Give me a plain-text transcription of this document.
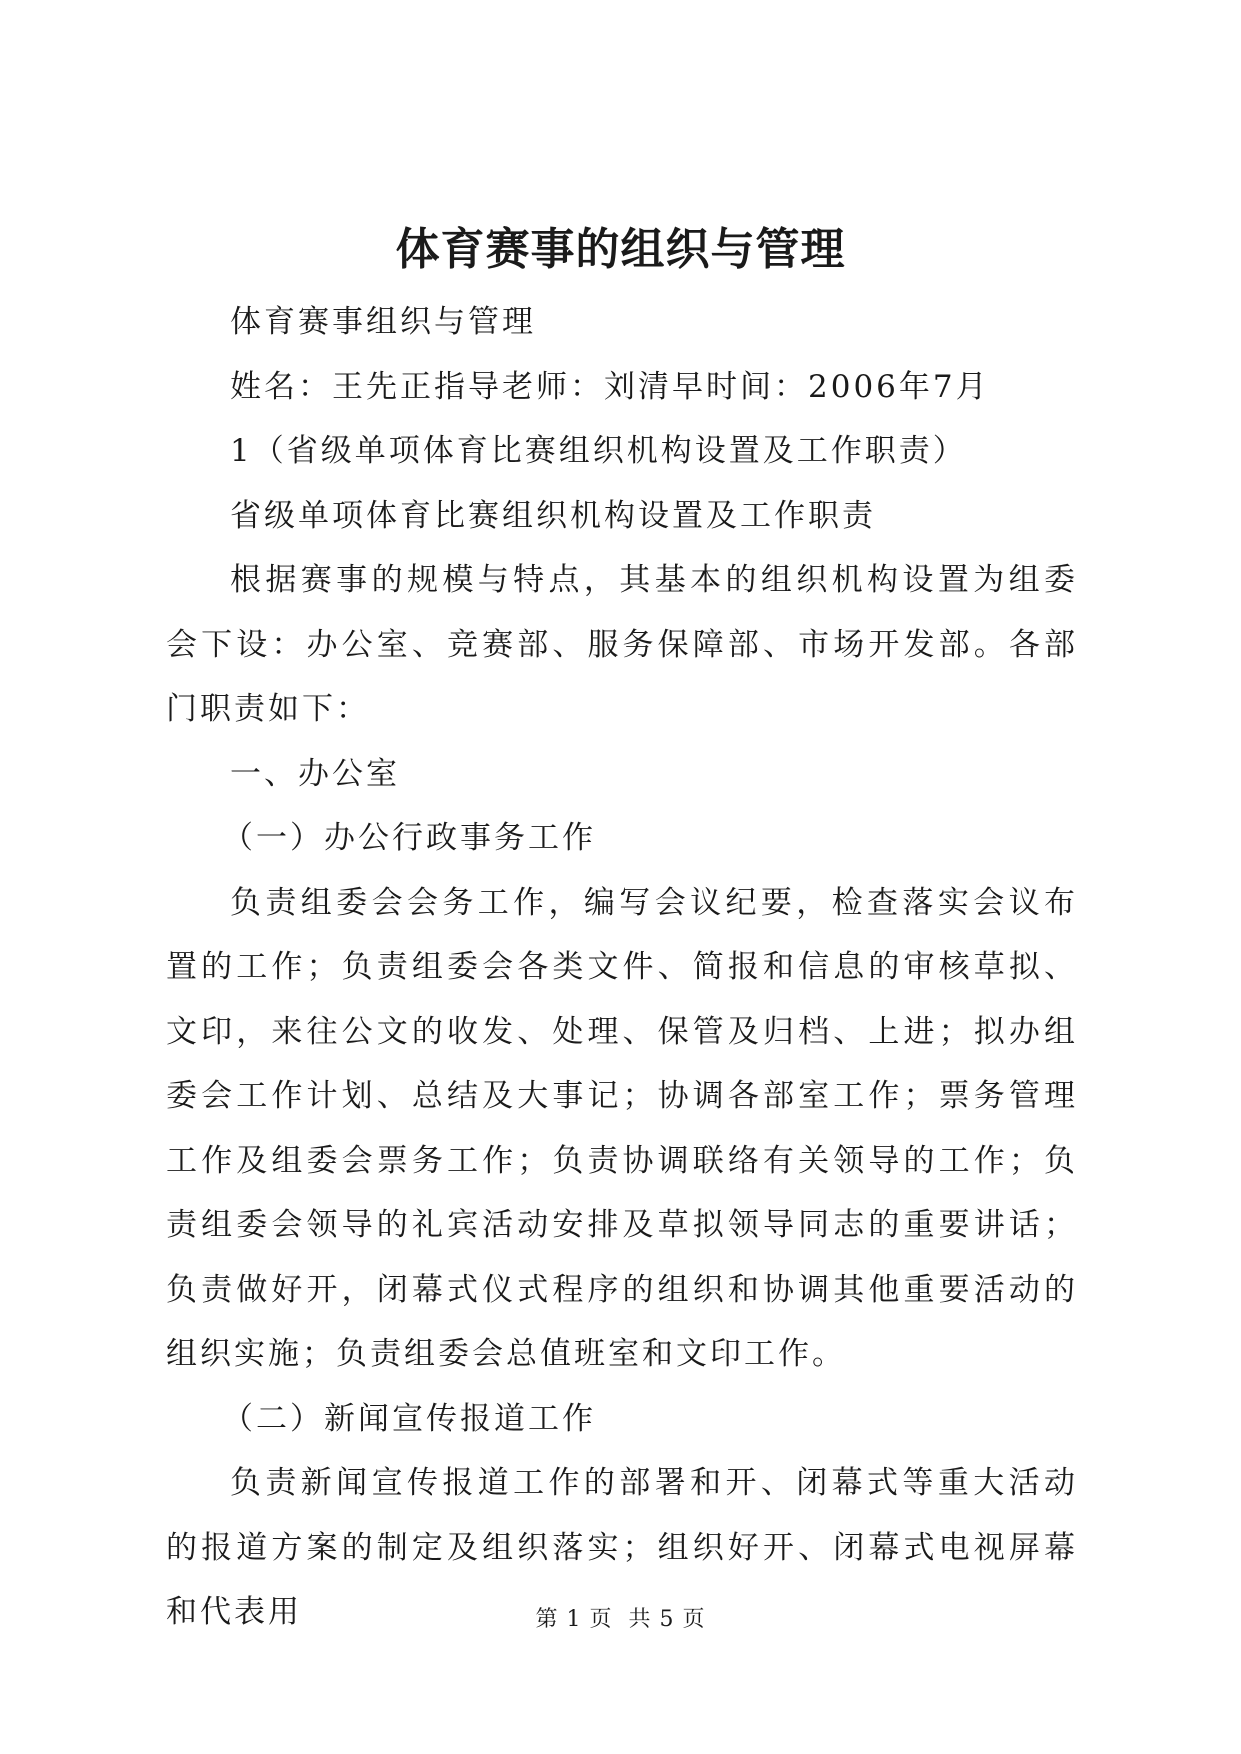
体育赛事的组织与管理

体育赛事组织与管理

姓名：王先正指导老师：刘清早时间：2006年7月

1（省级单项体育比赛组织机构设置及工作职责）

省级单项体育比赛组织机构设置及工作职责

根据赛事的规模与特点，其基本的组织机构设置为组委会下设：办公室、竞赛部、服务保障部、市场开发部。各部门职责如下：

一、办公室

（一）办公行政事务工作

负责组委会会务工作，编写会议纪要，检查落实会议布置的工作；负责组委会各类文件、简报和信息的审核草拟、文印，来往公文的收发、处理、保管及归档、上进；拟办组委会工作计划、总结及大事记；协调各部室工作；票务管理工作及组委会票务工作；负责协调联络有关领导的工作；负责组委会领导的礼宾活动安排及草拟领导同志的重要讲话；负责做好开，闭幕式仪式程序的组织和协调其他重要活动的组织实施；负责组委会总值班室和文印工作。

（二）新闻宣传报道工作

负责新闻宣传报道工作的部署和开、闭幕式等重大活动的报道方案的制定及组织落实；组织好开、闭幕式电视屏幕和代表用	第 1 页  共 5 页
